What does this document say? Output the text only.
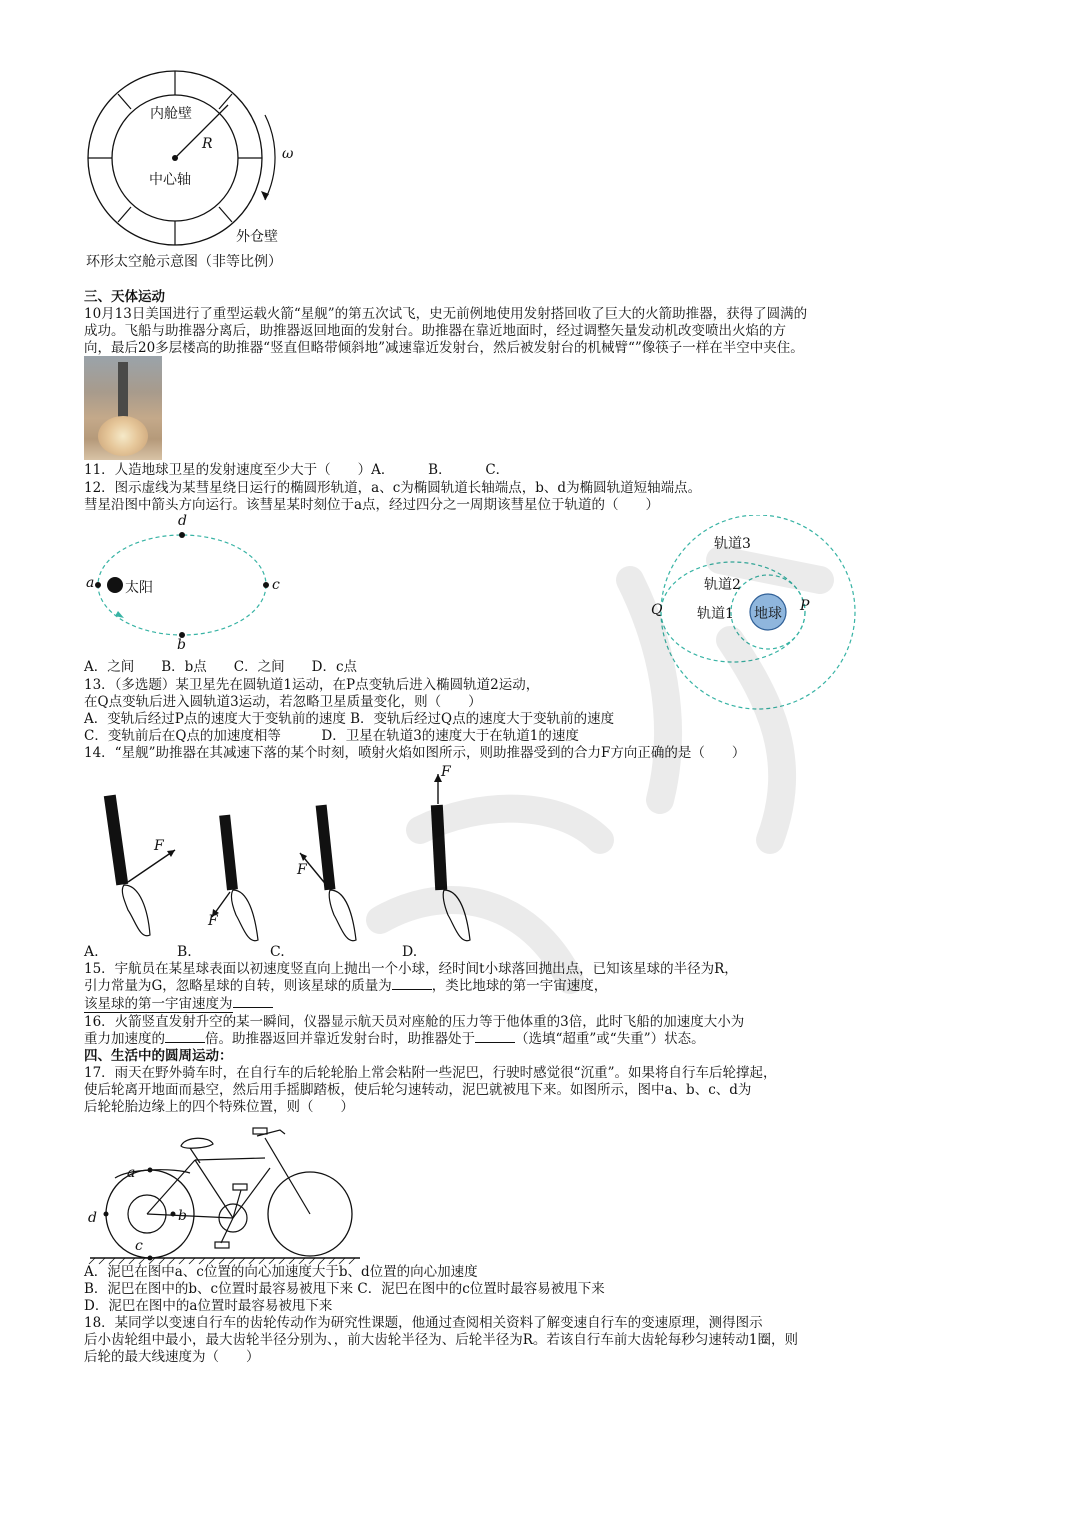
内舱壁
R
中心轴
ω
外仓壁
环形太空舱示意图（非等比例）
三、天体运动
10月13日美国进行了重型运载火箭“星舰”的第五次试飞，史无前例地使用发射搭回收了巨大的火箭助推器，获得了圆满的
成功。飞船与助推器分离后，助推器返回地面的发射台。助推器在靠近地面时，经过调整矢量发动机改变喷出火焰的方
向，最后20多层楼高的助推器“竖直但略带倾斜地”减速靠近发射台，然后被发射台的机械臂“”像筷子一样在半空中夹住。
11．人造地球卫星的发射速度至少大于（　　）A．　　　B．　　　C．
12．图示虚线为某彗星绕日运行的椭圆形轨道，a、c为椭圆轨道长轴端点，b、d为椭圆轨道短轴端点。
彗星沿图中箭头方向运行。该彗星某时刻位于a点，经过四分之一周期该彗星位于轨道的（　　）
a 太阳	c
d
b
A．之间　　B．b点　　C．之间　　D．c点
轨道3
轨道2
轨道1 地球
Q	P
13．（多选题）某卫星先在圆轨道1运动，在P点变轨后进入椭圆轨道2运动，
在Q点变轨后进入圆轨道3运动，若忽略卫星质量变化，则（　　）
A．变轨后经过P点的速度大于变轨前的速度 B．变轨后经过Q点的速度大于变轨前的速度
C．变轨前后在Q点的加速度相等　　　D．卫星在轨道3的速度大于在轨道1的速度
14．“星舰”助推器在其减速下落的某个时刻，喷射火焰如图所示，则助推器受到的合力F方向正确的是（　　）
F
F
F
F
A.	B.	C.	D.
15．宇航员在某星球表面以初速度竖直向上抛出一个小球，经时间t小球落回抛出点，已知该星球的半径为R，
引力常量为G，忽略星球的自转，则该星球的质量为	，类比地球的第一宇宙速度，
该星球的第一宇宙速度为
16．火箭竖直发射升空的某一瞬间，仪器显示航天员对座舱的压力等于他体重的3倍，此时飞船的加速度大小为
重力加速度的	倍。助推器返回并靠近发射台时，助推器处于	（选填“超重”或“失重”）状态。
四、生活中的圆周运动：
17．雨天在野外骑车时，在自行车的后轮轮胎上常会粘附一些泥巴，行驶时感觉很“沉重”。如果将自行车后轮撑起，
使后轮离开地面而悬空，然后用手摇脚踏板，使后轮匀速转动，泥巴就被甩下来。如图所示，图中a、b、c、d为
后轮轮胎边缘上的四个特殊位置，则（　　）
a
b
c
d
A．泥巴在图中a、c位置的向心加速度大于b、d位置的向心加速度
B．泥巴在图中的b、c位置时最容易被甩下来 C．泥巴在图中的c位置时最容易被甩下来
D．泥巴在图中的a位置时最容易被甩下来
18．某同学以变速自行车的齿轮传动作为研究性课题，他通过查阅相关资料了解变速自行车的变速原理，测得图示
后小齿轮组中最小，最大齿轮半径分别为、，前大齿轮半径为、后轮半径为R。若该自行车前大齿轮每秒匀速转动1圈，则
后轮的最大线速度为（　　）
